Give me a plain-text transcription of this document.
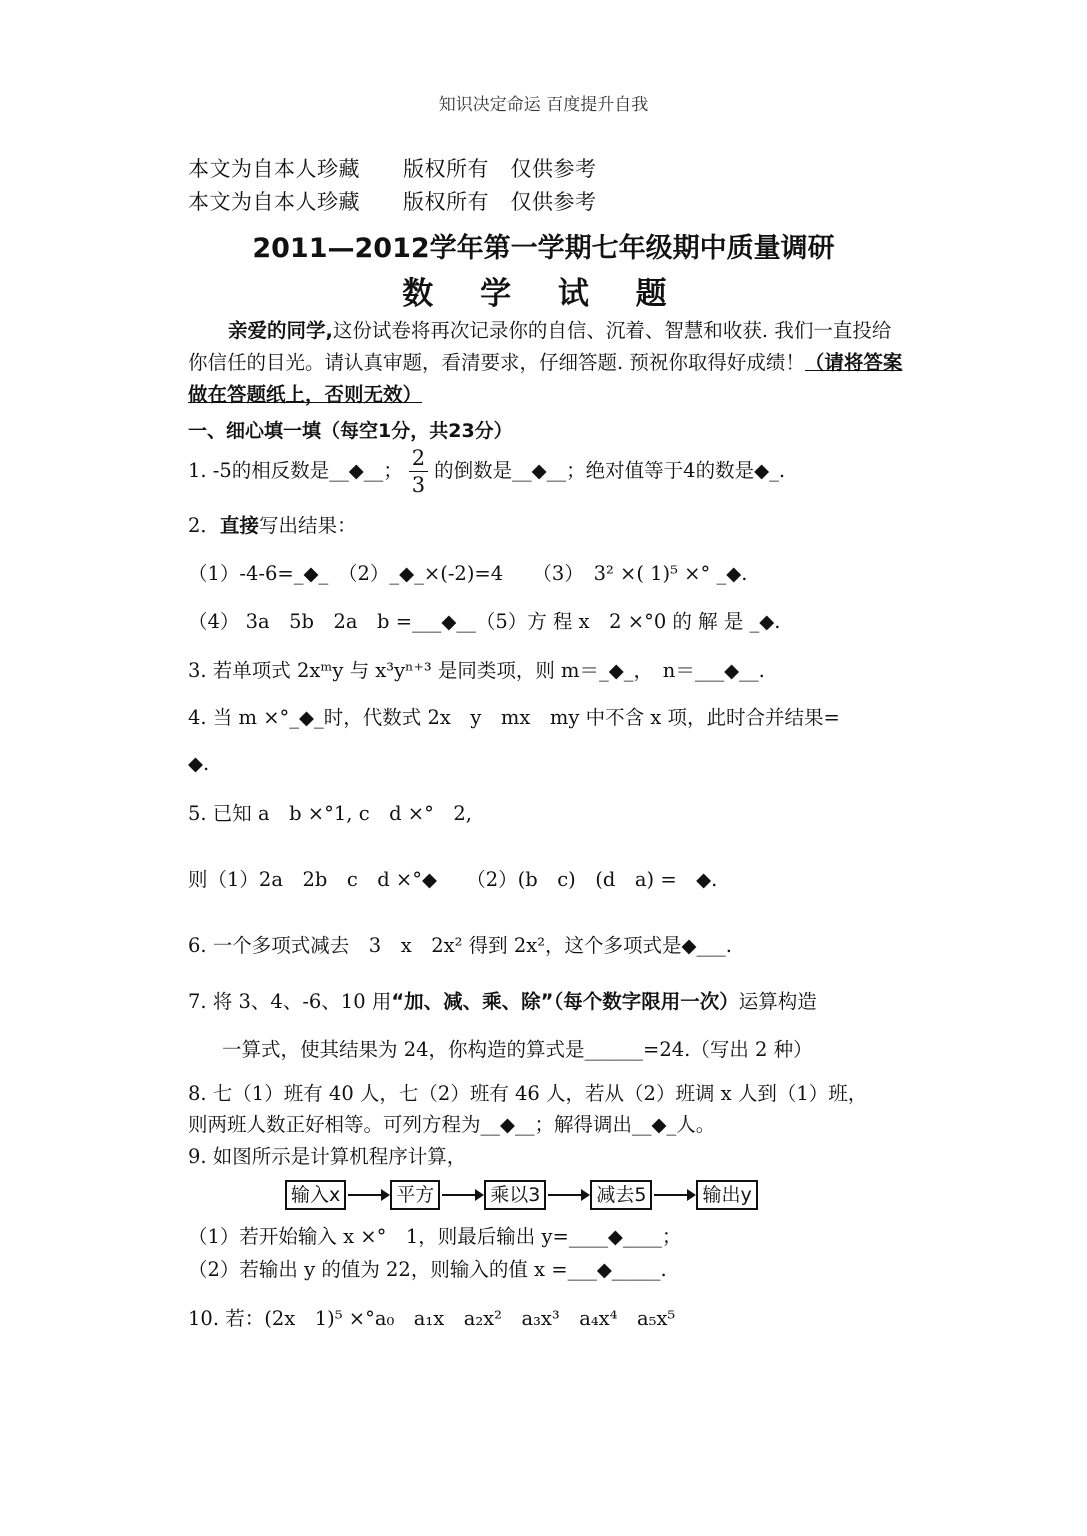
知识决定命运 百度提升自我
本文为自本人珍藏　　版权所有　仅供参考
本文为自本人珍藏　　版权所有　仅供参考
2011—2012学年第一学期七年级期中质量调研
数 学 试 题
亲爱的同学,这份试卷将再次记录你的自信、沉着、智慧和收获. 我们一直投给你信任的目光。请认真审题，看清要求，仔细答题. 预祝你取得好成绩！（请将答案做在答题纸上，否则无效）
一、细心填一填（每空1分，共23分）
1. -5的相反数是__◆__； $\frac{2}{3}$ 的倒数是__◆__；绝对值等于4的数是◆_.
2．直接写出结果：
（1）-4-6=_◆_　（2）_◆_×(-2)=4　　（3）　3² ×( 1)⁵ ×° _◆.
（4） 3a　5b　2a　b =___◆__（5）方 程 x　2 ×°0 的 解 是 _◆.
3. 若单项式 2xᵐy 与 x³yⁿ⁺³ 是同类项，则 m＝_◆_，　n＝___◆__.
4. 当 m ×°_◆_时，代数式 2x　y　mx　my 中不含 x 项，此时合并结果=
◆.
5. 已知 a　b ×°1, c　d ×°　2,
则（1）2a　2b　c　d ×°◆　　（2）(b　c)　(d　a) =　◆.
6. 一个多项式减去　3　x　2x² 得到 2x²，这个多项式是◆___.
7. 将 3、4、-6、10 用“加、减、乘、除”（每个数字限用一次）运算构造
一算式，使其结果为 24，你构造的算式是______=24.（写出 2 种）
8. 七（1）班有 40 人，七（2）班有 46 人，若从（2）班调 x 人到（1）班，
则两班人数正好相等。可列方程为__◆__；解得调出__◆_人。
9. 如图所示是计算机程序计算，
输入x	平方	乘以3	减去5	输出y
（1）若开始输入 x ×°　1，则最后输出 y=____◆____；
（2）若输出 y 的值为 22，则输入的值 x =___◆_____.
10. 若：(2x　1)⁵ ×°a₀　a₁x　a₂x²　a₃x³　a₄x⁴　a₅x⁵
